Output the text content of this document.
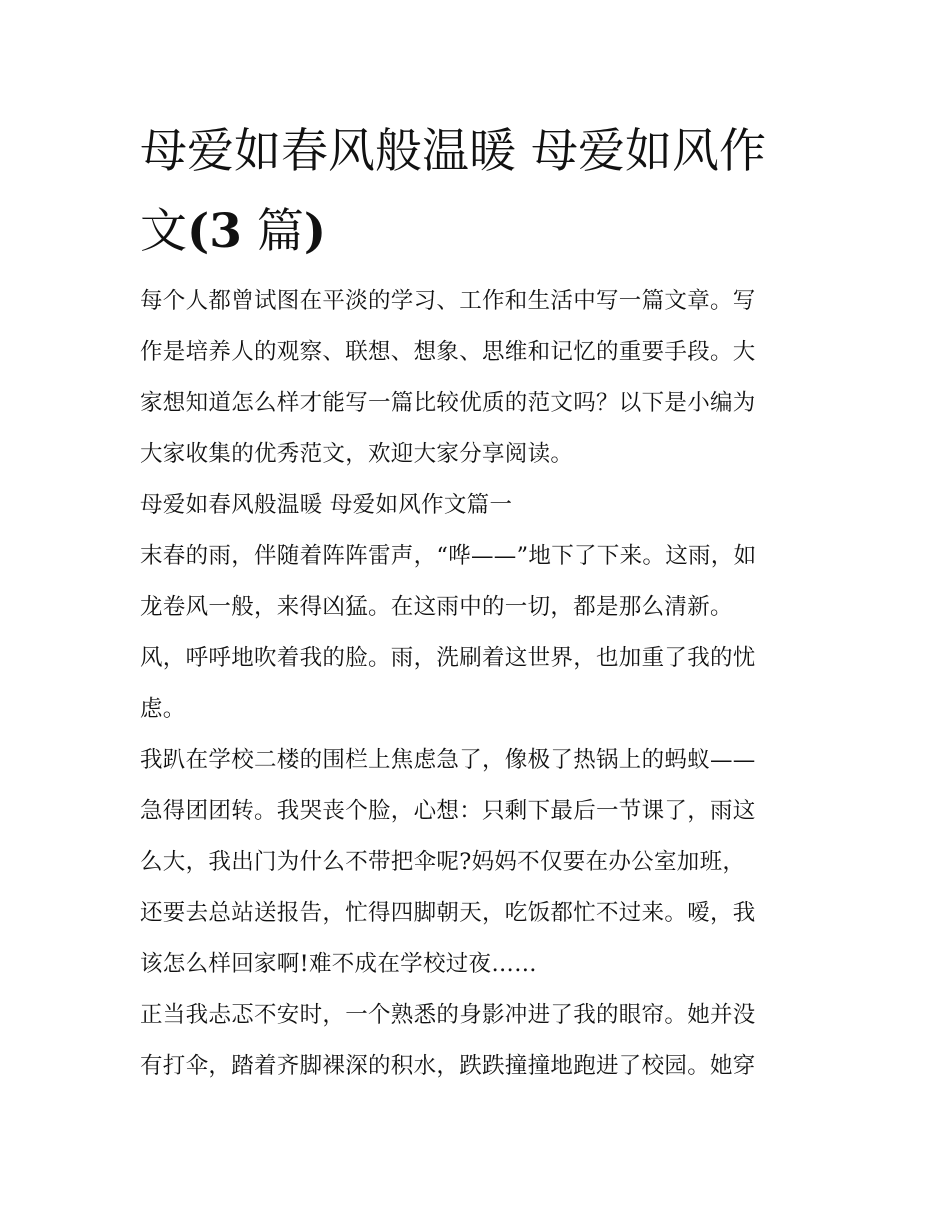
母爱如春风般温暖 母爱如风作
文(3 篇)

每个人都曾试图在平淡的学习、工作和生活中写一篇文章。写
作是培养人的观察、联想、想象、思维和记忆的重要手段。大
家想知道怎么样才能写一篇比较优质的范文吗？以下是小编为
大家收集的优秀范文，欢迎大家分享阅读。

母爱如春风般温暖 母爱如风作文篇一

末春的雨，伴随着阵阵雷声，“哗——”地下了下来。这雨，如
龙卷风一般，来得凶猛。在这雨中的一切，都是那么清新。

风，呼呼地吹着我的脸。雨，洗刷着这世界，也加重了我的忧
虑。

我趴在学校二楼的围栏上焦虑急了，像极了热锅上的蚂蚁——
急得团团转。我哭丧个脸，心想：只剩下最后一节课了，雨这
么大，我出门为什么不带把伞呢?妈妈不仅要在办公室加班，
还要去总站送报告，忙得四脚朝天，吃饭都忙不过来。嗳，我
该怎么样回家啊!难不成在学校过夜……

正当我忐忑不安时，一个熟悉的身影冲进了我的眼帘。她并没
有打伞，踏着齐脚裸深的积水，跌跌撞撞地跑进了校园。她穿
